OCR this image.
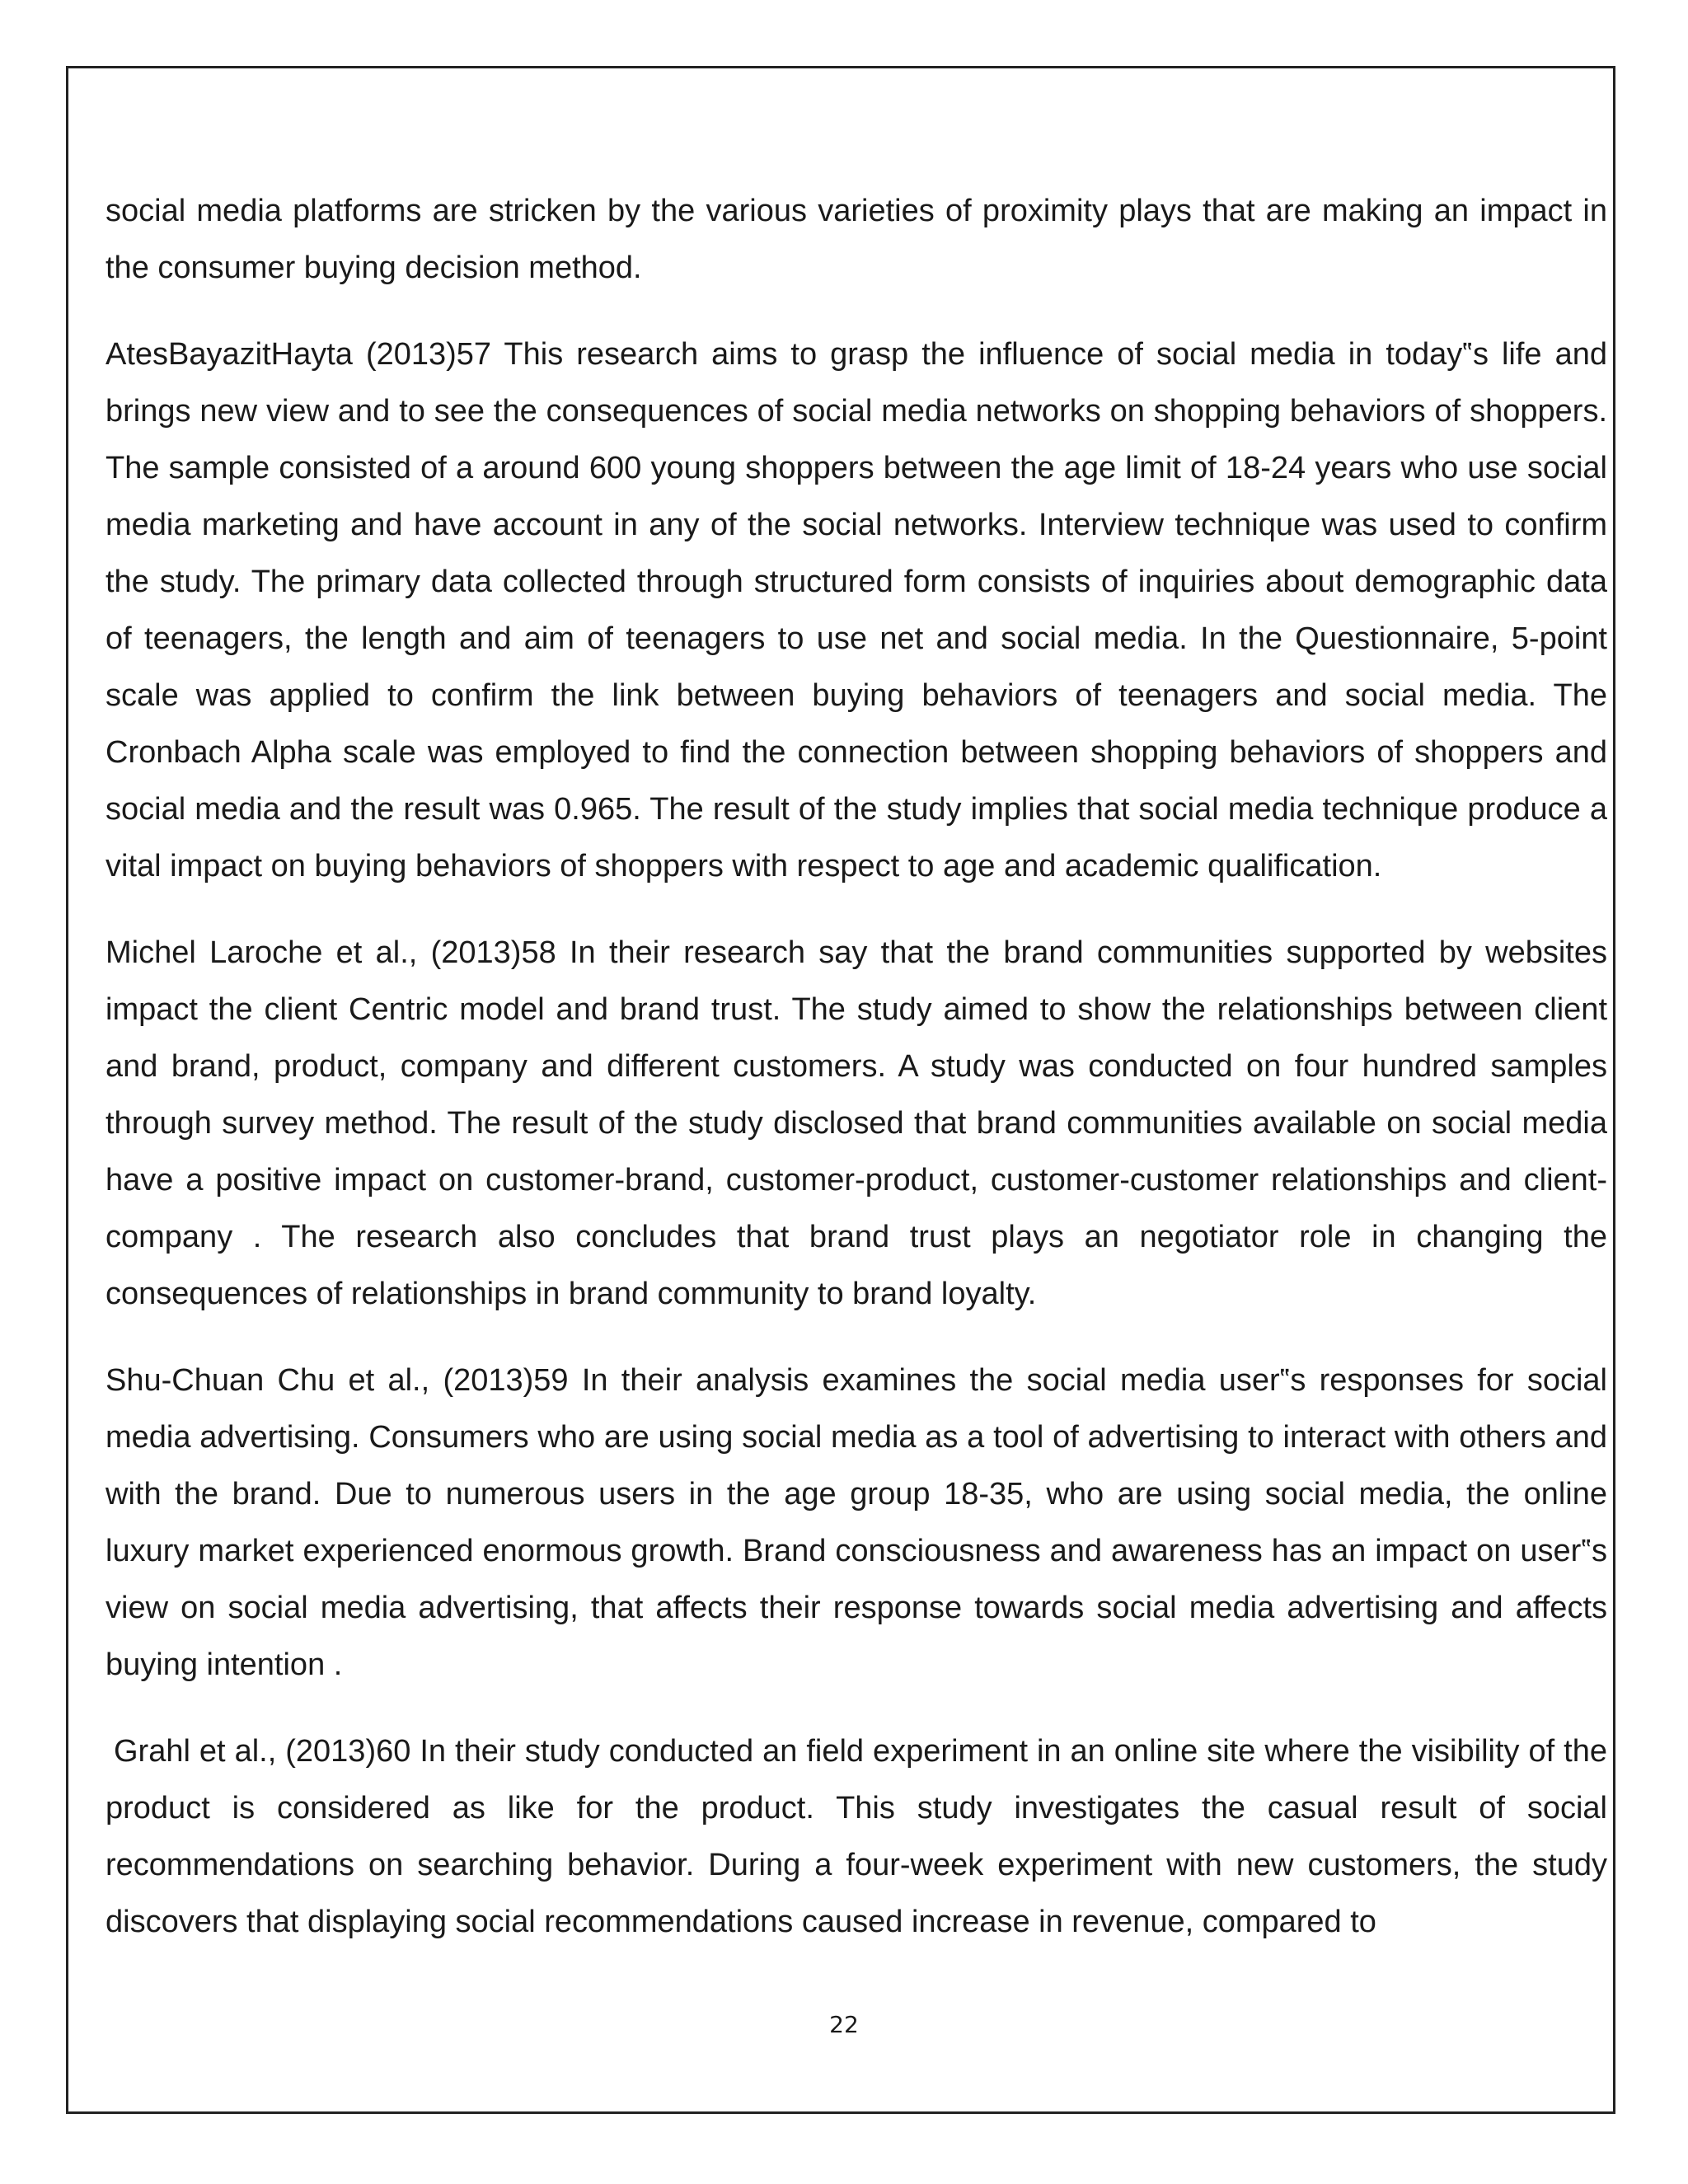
social media platforms are stricken by the various varieties of proximity plays that are making an impact in the consumer buying decision method.

AtesBayazitHayta (2013)57 This research aims to grasp the influence of social media in today‟s life and brings new view and to see the consequences of social media networks on shopping behaviors of shoppers. The sample consisted of a around 600 young shoppers between the age limit of 18-24 years who use social media marketing and have account in any of the social networks. Interview technique was used to confirm the study. The primary data collected through structured form consists of inquiries about demographic data of teenagers, the length and aim of teenagers to use net and social media. In the Questionnaire, 5-point scale was applied to confirm the link between buying behaviors of teenagers and social media. The Cronbach Alpha scale was employed to find the connection between shopping behaviors of shoppers and social media and the result was 0.965. The result of the study implies that social media technique produce a vital impact on buying behaviors of shoppers with respect to age and academic qualification.

Michel Laroche et al., (2013)58 In their research say that the brand communities supported by websites impact the client Centric model and brand trust. The study aimed to show the relationships between client and brand, product, company and different customers. A study was conducted on four hundred samples through survey method. The result of the study disclosed that brand communities available on social media have a positive impact on customer-brand, customer-product, customer-customer relationships and client- company . The research also concludes that brand trust plays an negotiator role in changing the consequences of relationships in brand community to brand loyalty.

Shu-Chuan Chu et al., (2013)59 In their analysis examines the social media user‟s responses for social media advertising. Consumers who are using social media as a tool of advertising to interact with others and with the brand. Due to numerous users in the age group 18-35, who are using social media, the online luxury market experienced enormous growth. Brand consciousness and awareness has an impact on user‟s view on social media advertising, that affects their response towards social media advertising and affects buying intention .

Grahl et al., (2013)60 In their study conducted an field experiment in an online site where the visibility of the product is considered as like for the product. This study investigates the casual result of social recommendations on searching behavior. During a four-week experiment with new customers, the study discovers that displaying social recommendations caused increase in revenue, compared to

22
